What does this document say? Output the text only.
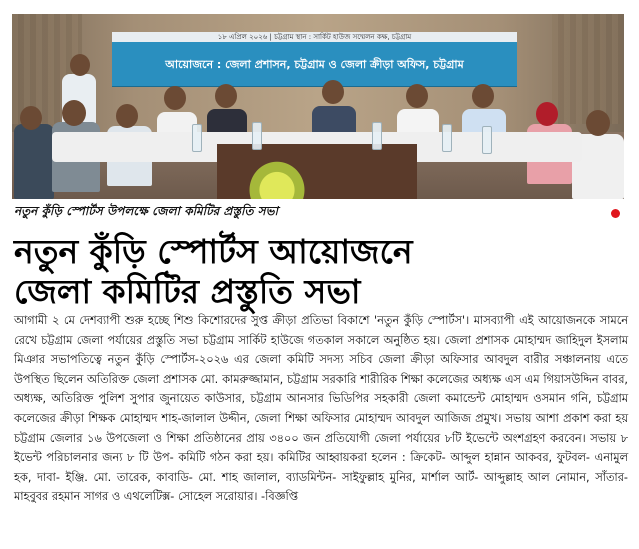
১৮ এপ্রিল ২০২৬ | চট্টগ্রাম স্থান : সার্কিট হাউজ সম্মেলন কক্ষ, চট্টগ্রাম
আয়োজনে : জেলা প্রশাসন, চট্টগ্রাম ও জেলা ক্রীড়া অফিস, চট্টগ্রাম
নতুন কুঁড়ি স্পোর্টস উপলক্ষে জেলা কমিটির প্রস্তুতি সভা
নতুন কুঁড়ি স্পোর্টস আয়োজনে
জেলা কমিটির প্রস্তুতি সভা

আগামী ২ মে দেশব্যাপী শুরু হচ্ছে শিশু কিশোরদের সুপ্ত ক্রীড়া প্রতিভা বিকাশে 'নতুন কুঁড়ি স্পোর্টস'। মাসব্যাপী এই আয়োজনকে সামনে রেখে চট্টগ্রাম জেলা পর্যায়ের প্রস্তুতি সভা চট্টগ্রাম সার্কিট হাউজে গতকাল সকালে অনুষ্ঠিত হয়। জেলা প্রশাসক মোহাম্মদ জাহিদুল ইসলাম মিঞার সভাপতিত্বে নতুন কুঁড়ি স্পোর্টস-২০২৬ এর জেলা কমিটি সদস্য সচিব জেলা ক্রীড়া অফিসার আবদুল বারীর সঞ্চালনায় এতে উপস্থিত ছিলেন অতিরিক্ত জেলা প্রশাসক মো. কামরুজ্জামান, চট্টগ্রাম সরকারি শারীরিক শিক্ষা কলেজের অধ্যক্ষ এস এম গিয়াসউদ্দিন বাবর, অধ্যক্ষ, অতিরিক্ত পুলিশ সুপার জুনায়েত কাউসার, চট্টগ্রাম আনসার ভিডিপির সহকারী জেলা কমান্ডেন্ট মোহাম্মদ ওসমান গনি, চট্টগ্রাম কলেজের ক্রীড়া শিক্ষক মোহাম্মদ শাহ-জালাল উদ্দীন, জেলা শিক্ষা অফিসার মোহাম্মদ আবদুল আজিজ প্রমুখ। সভায় আশা প্রকাশ করা হয় চট্টগ্রাম জেলার ১৬ উপজেলা ও শিক্ষা প্রতিষ্ঠানের প্রায় ৩৪০০ জন প্রতিযোগী জেলা পর্যায়ের ৮টি ইভেন্টে অংশগ্রহণ করবেন। সভায় ৮ ইভেন্ট পরিচালনার জন্য ৮ টি উপ- কমিটি গঠন করা হয়। কমিটির আহ্বায়করা হলেন : ক্রিকেট- আব্দুল হান্নান আকবর, ফুটবল- এনামুল হক, দাবা- ইঞ্জি. মো. তারেক, কাবাডি- মো. শাহ জালাল, ব্যাডমিন্টন- সাইফুল্লাহ মুনির, মার্শাল আর্ট- আব্দুল্লাহ আল নোমান, সাঁতার- মাহবুবর রহমান সাগর ও এথলেটিক্স- সোহেল সরোয়ার। -বিজ্ঞপ্তি
